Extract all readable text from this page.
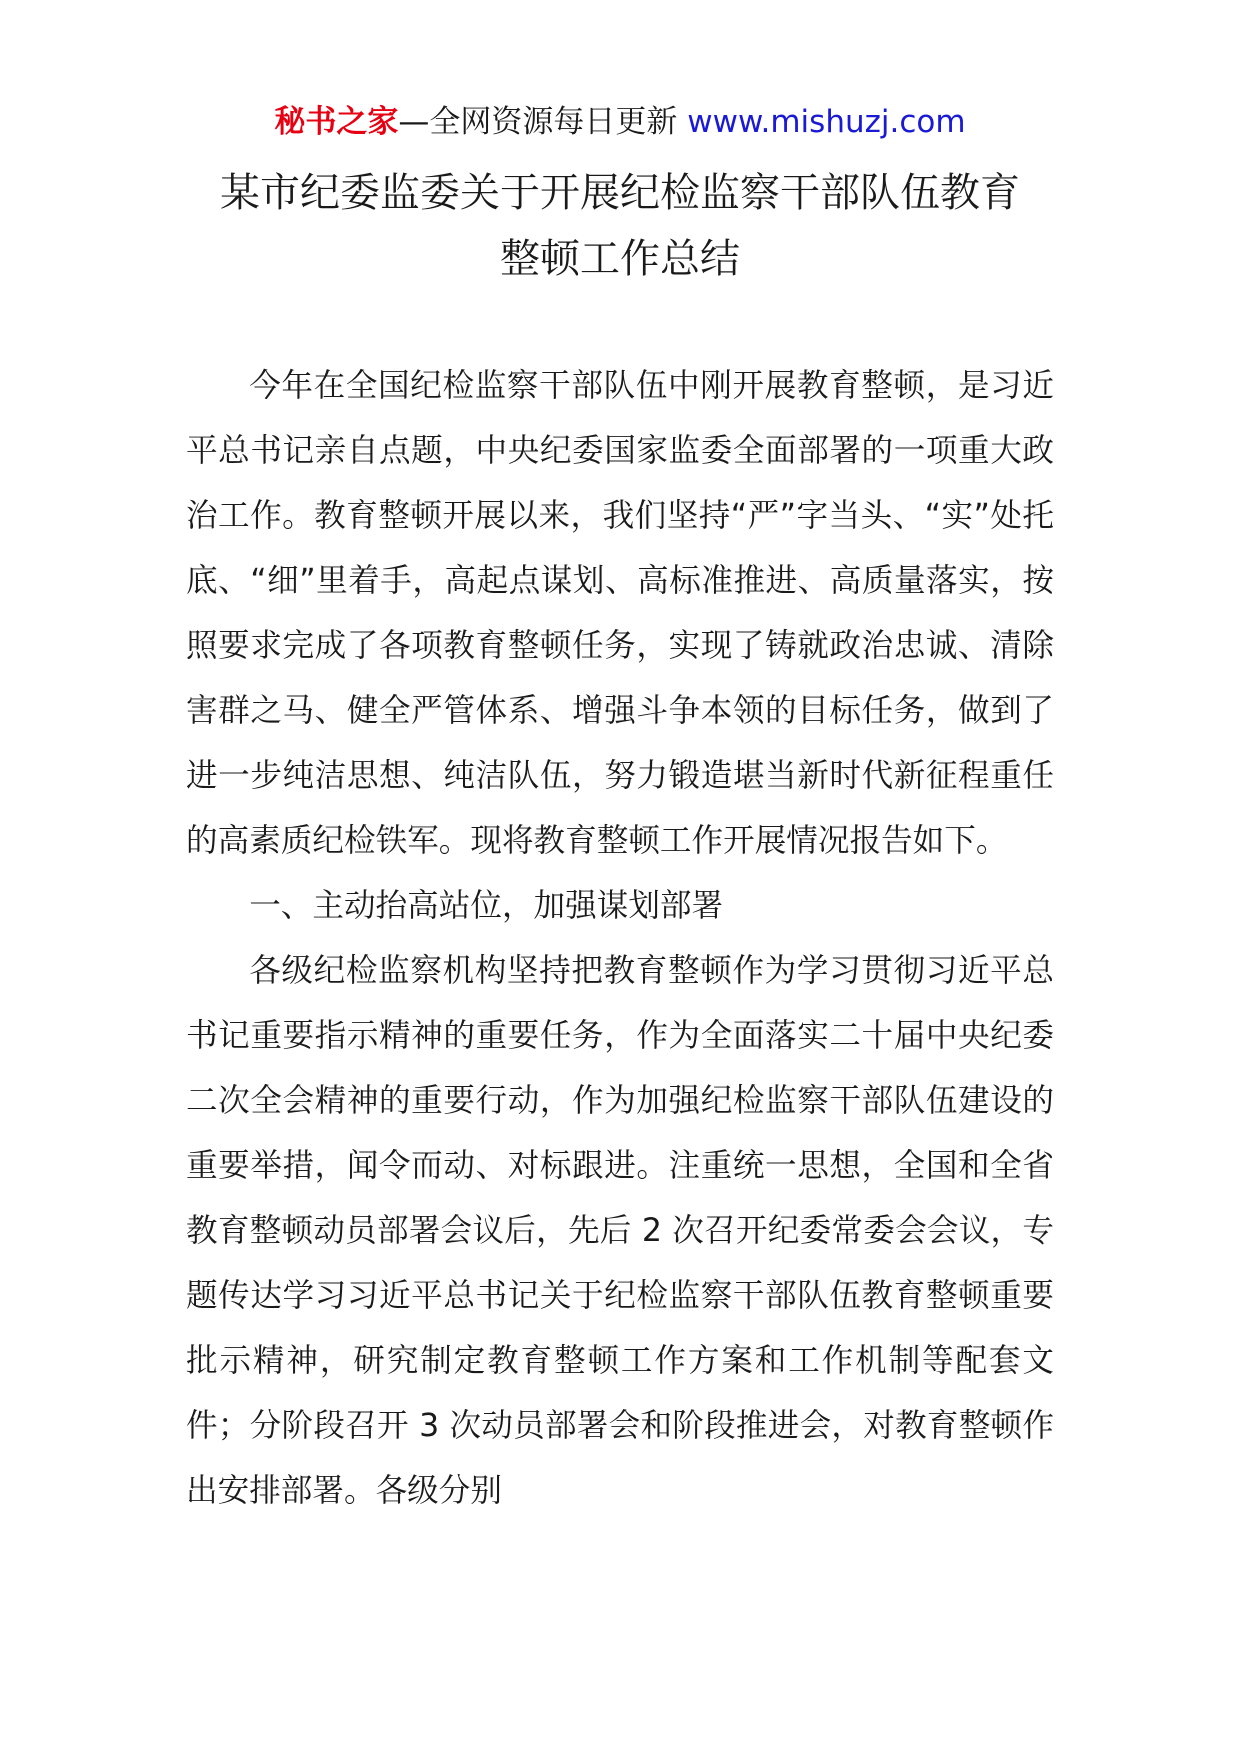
秘书之家—全网资源每日更新 www.mishuzj.com
某市纪委监委关于开展纪检监察干部队伍教育
整顿工作总结

今年在全国纪检监察干部队伍中刚开展教育整顿，是习近平总书记亲自点题，中央纪委国家监委全面部署的一项重大政治工作。教育整顿开展以来，我们坚持“严”字当头、“实”处托底、“细”里着手，高起点谋划、高标准推进、高质量落实，按照要求完成了各项教育整顿任务，实现了铸就政治忠诚、清除害群之马、健全严管体系、增强斗争本领的目标任务，做到了进一步纯洁思想、纯洁队伍，努力锻造堪当新时代新征程重任的高素质纪检铁军。现将教育整顿工作开展情况报告如下。

一、主动抬高站位，加强谋划部署

各级纪检监察机构坚持把教育整顿作为学习贯彻习近平总书记重要指示精神的重要任务，作为全面落实二十届中央纪委二次全会精神的重要行动，作为加强纪检监察干部队伍建设的重要举措，闻令而动、对标跟进。注重统一思想，全国和全省教育整顿动员部署会议后，先后 2 次召开纪委常委会会议，专题传达学习习近平总书记关于纪检监察干部队伍教育整顿重要批示精神，研究制定教育整顿工作方案和工作机制等配套文件；分阶段召开 3 次动员部署会和阶段推进会，对教育整顿作出安排部署。各级分别
